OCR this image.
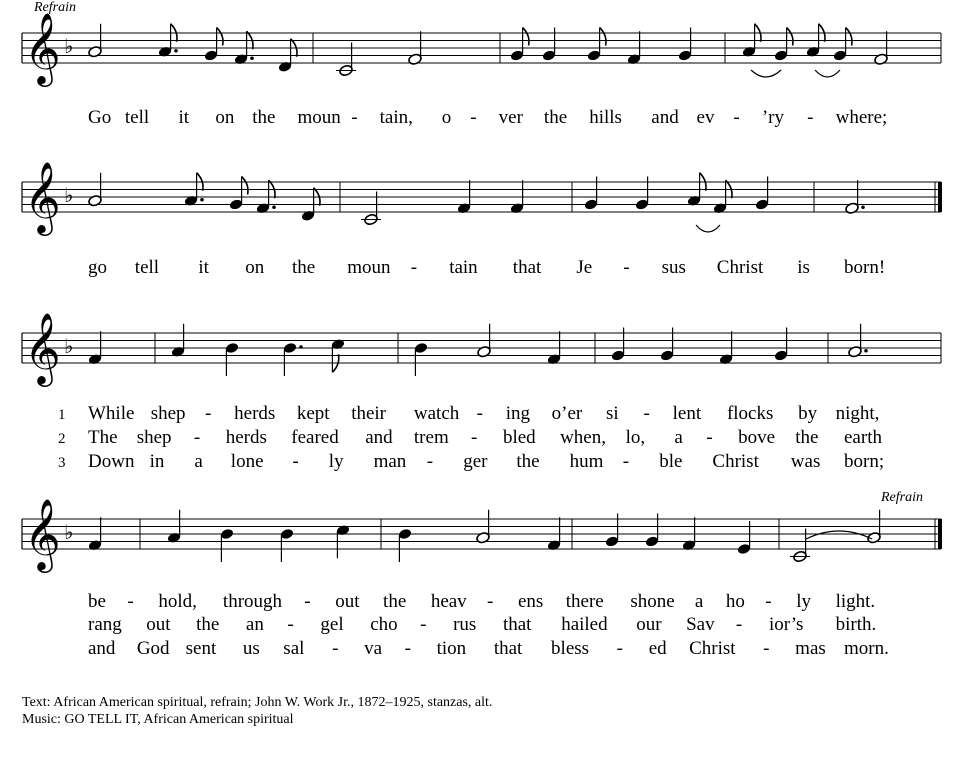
Refrain
Refrain
𝄞 ♭
𝄞 ♭
𝄞 ♭
𝄞 ♭
Go tell it on the moun - tain, o - ver the hills and ev - ’ry - where;
go tell it on the moun - tain that Je - sus Christ is born!
1 While shep - herds kept their watch - ing o’er si - lent flocks by night,
2 The shep - herds feared and trem - bled when, lo, a - bove the earth
3 Down in a lone - ly man - ger the hum - ble Christ was born;
be - hold, through - out the heav - ens there shone a ho - ly light.
rang out the an - gel cho - rus that hailed our Sav - ior’s birth.
and God sent us sal - va - tion that bless - ed Christ - mas morn.
Text: African American spiritual, refrain; John W. Work Jr., 1872–1925, stanzas, alt.
Music: GO TELL IT, African American spiritual
